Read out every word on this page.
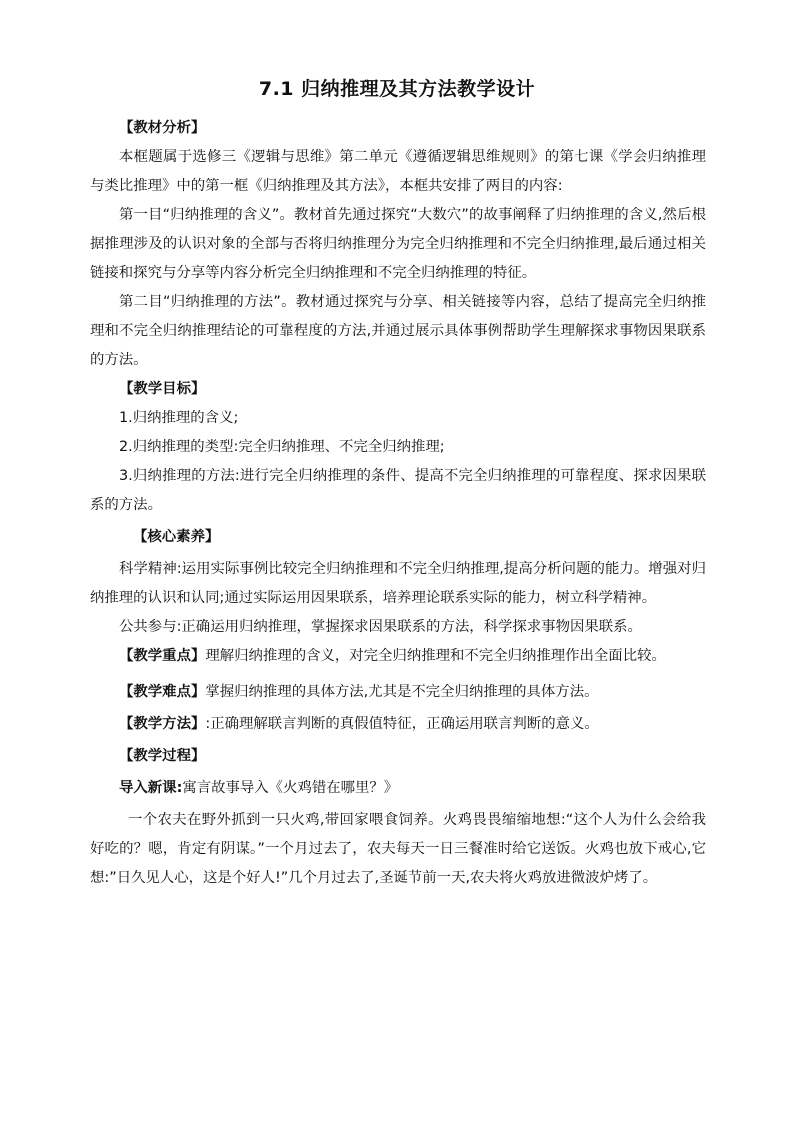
7.1 归纳推理及其方法教学设计

【教材分析】

本框题属于选修三《逻辑与思维》第二单元《遵循逻辑思维规则》的第七课《学会归纳推理与类比推理》中的第一框《归纳推理及其方法》，本框共安排了两目的内容:

第一目“归纳推理的含义”。教材首先通过探究“大数穴”的故事阐释了归纳推理的含义,然后根据推理涉及的认识对象的全部与否将归纳推理分为完全归纳推理和不完全归纳推理,最后通过相关链接和探究与分享等内容分析完全归纳推理和不完全归纳推理的特征。

第二目“归纳推理的方法”。教材通过探究与分享、相关链接等内容，总结了提高完全归纳推理和不完全归纳推理结论的可靠程度的方法,并通过展示具体事例帮助学生理解探求事物因果联系的方法。

【教学目标】

1.归纳推理的含义;

2.归纳推理的类型:完全归纳推理、不完全归纳推理;

3.归纳推理的方法:进行完全归纳推理的条件、提高不完全归纳推理的可靠程度、探求因果联系的方法。

【核心素养】

科学精神:运用实际事例比较完全归纳推理和不完全归纳推理,提高分析问题的能力。增强对归纳推理的认识和认同;通过实际运用因果联系，培养理论联系实际的能力，树立科学精神。

公共参与:正确运用归纳推理，掌握探求因果联系的方法，科学探求事物因果联系。

【教学重点】理解归纳推理的含义，对完全归纳推理和不完全归纳推理作出全面比较。

【教学难点】掌握归纳推理的具体方法,尤其是不完全归纳推理的具体方法。

【教学方法】:正确理解联言判断的真假值特征，正确运用联言判断的意义。

【教学过程】

导入新课:寓言故事导入《火鸡错在哪里？》

一个农夫在野外抓到一只火鸡,带回家喂食饲养。火鸡畏畏缩缩地想:“这个人为什么会给我好吃的？嗯，肯定有阴谋。”一个月过去了，农夫每天一日三餐准时给它送饭。火鸡也放下戒心,它想:”日久见人心，这是个好人!”几个月过去了,圣诞节前一天,农夫将火鸡放进微波炉烤了。
